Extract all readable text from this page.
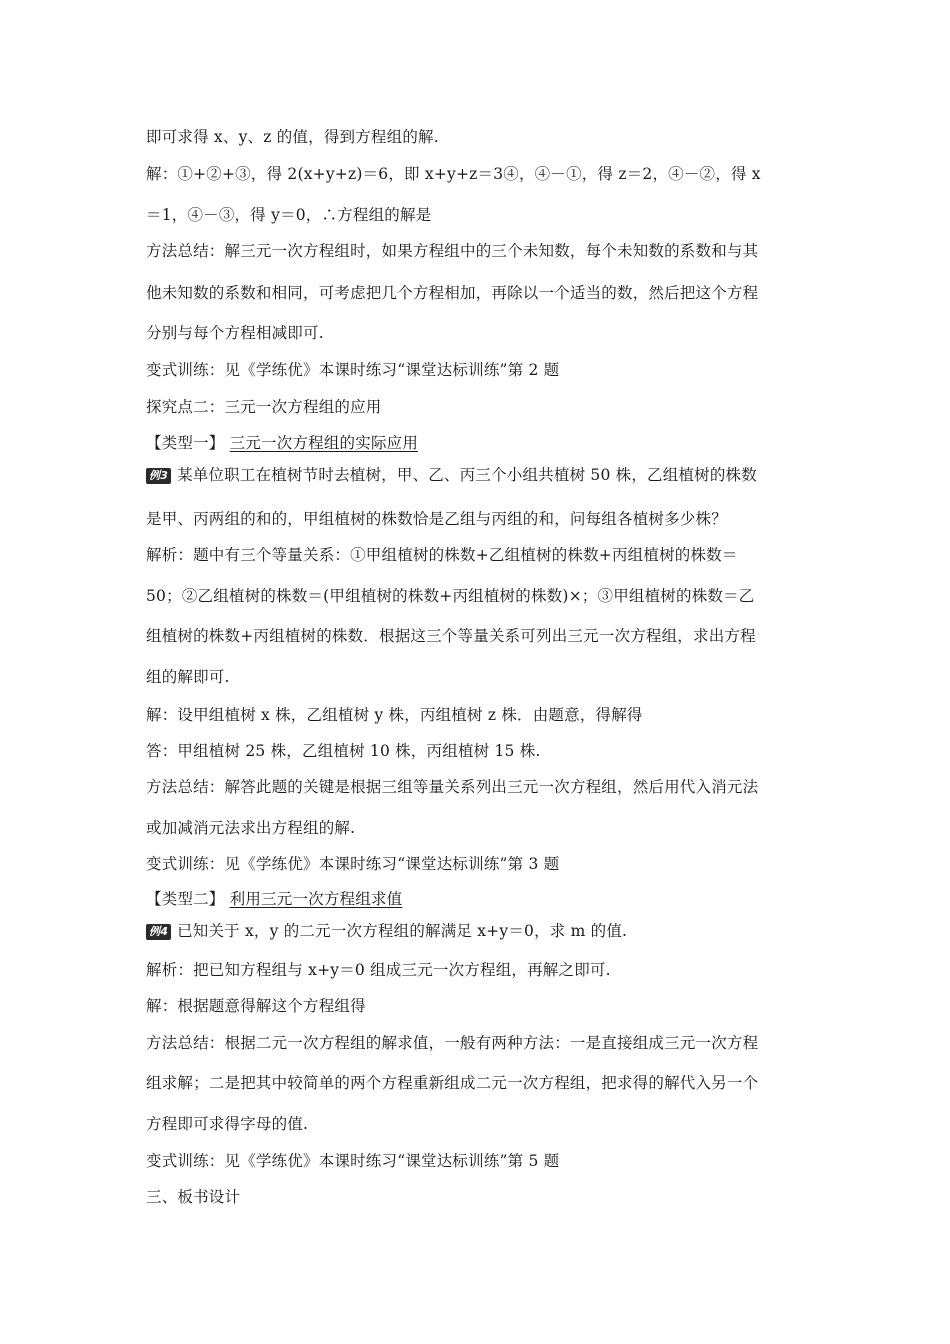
即可求得 x、y、z 的值，得到方程组的解.
解：①+②+③，得 2(x+y+z)＝6，即 x+y+z＝3④，④－①，得 z＝2，④－②，得 x
＝1，④－③，得 y＝0，∴方程组的解是
方法总结：解三元一次方程组时，如果方程组中的三个未知数，每个未知数的系数和与其
他未知数的系数和相同，可考虑把几个方程相加，再除以一个适当的数，然后把这个方程
分别与每个方程相减即可.
变式训练：见《学练优》本课时练习“课堂达标训练”第 2 题
探究点二：三元一次方程组的应用
【类型一】 三元一次方程组的实际应用
例3 某单位职工在植树节时去植树，甲、乙、丙三个小组共植树 50 株，乙组植树的株数
是甲、丙两组的和的，甲组植树的株数恰是乙组与丙组的和，问每组各植树多少株？
解析：题中有三个等量关系：①甲组植树的株数+乙组植树的株数+丙组植树的株数＝
50；②乙组植树的株数＝(甲组植树的株数+丙组植树的株数)×；③甲组植树的株数＝乙
组植树的株数+丙组植树的株数．根据这三个等量关系可列出三元一次方程组，求出方程
组的解即可.
解：设甲组植树 x 株，乙组植树 y 株，丙组植树 z 株．由题意，得解得
答：甲组植树 25 株，乙组植树 10 株，丙组植树 15 株.
方法总结：解答此题的关键是根据三组等量关系列出三元一次方程组，然后用代入消元法
或加减消元法求出方程组的解.
变式训练：见《学练优》本课时练习“课堂达标训练”第 3 题
【类型二】 利用三元一次方程组求值
例4 已知关于 x，y 的二元一次方程组的解满足 x+y＝0，求 m 的值.
解析：把已知方程组与 x+y＝0 组成三元一次方程组，再解之即可.
解：根据题意得解这个方程组得
方法总结：根据二元一次方程组的解求值，一般有两种方法：一是直接组成三元一次方程
组求解；二是把其中较简单的两个方程重新组成二元一次方程组，把求得的解代入另一个
方程即可求得字母的值.
变式训练：见《学练优》本课时练习“课堂达标训练”第 5 题
三、板书设计
